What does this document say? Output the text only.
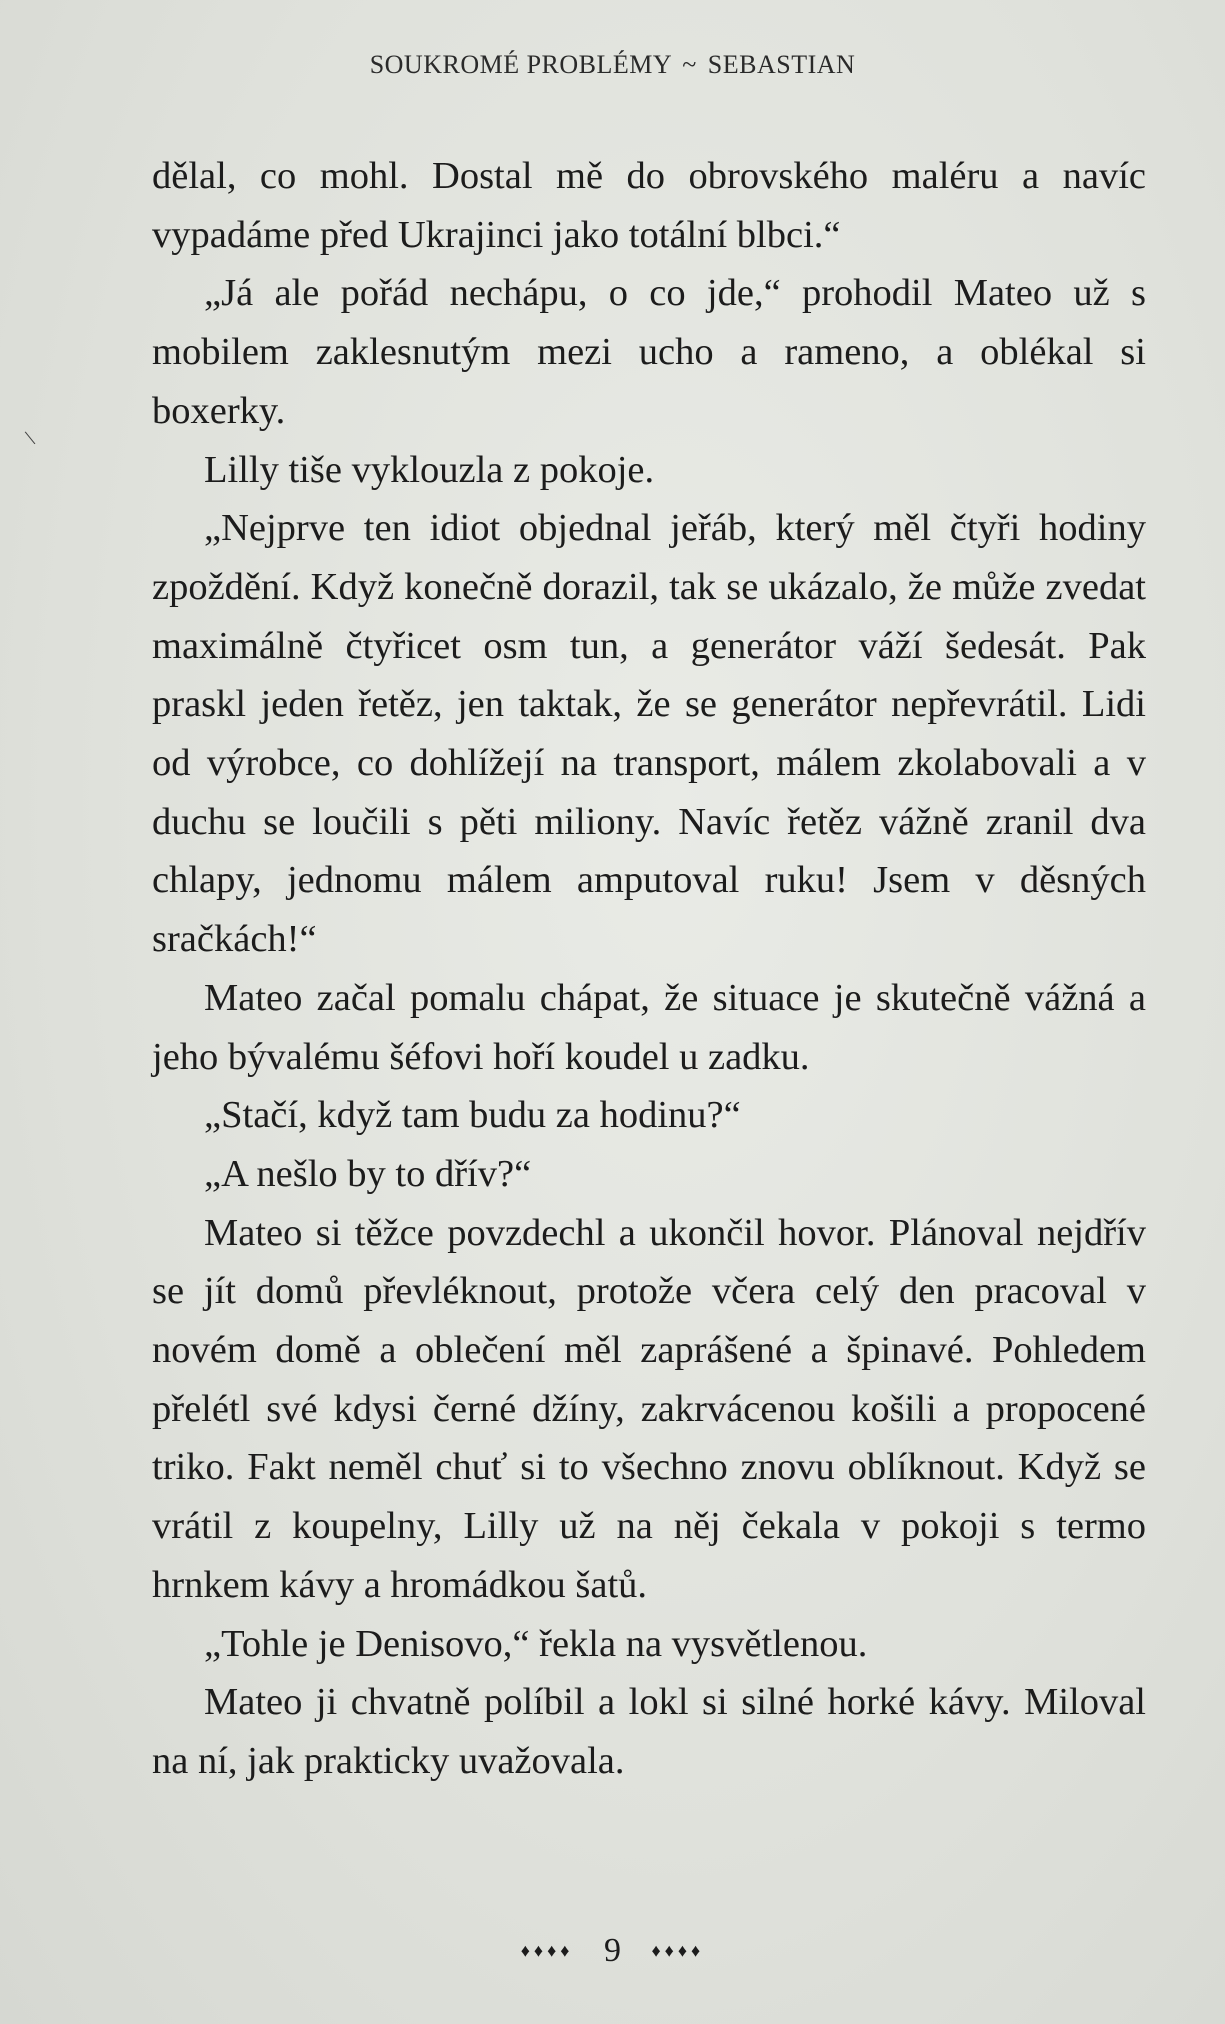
SOUKROMÉ PROBLÉMY ~ SEBASTIAN
\

dělal, co mohl. Dostal mě do obrovského maléru a navíc vypadáme před Ukrajinci jako totální blbci.“

„Já ale pořád nechápu, o co jde,“ prohodil Mateo už s mobilem zaklesnutým mezi ucho a rameno, a oblékal si boxerky.

Lilly tiše vyklouzla z pokoje.

„Nejprve ten idiot objednal jeřáb, který měl čtyři hodiny zpoždění. Když konečně dorazil, tak se ukázalo, že může zvedat maximálně čtyřicet osm tun, a generátor váží šedesát. Pak praskl jeden řetěz, jen taktak, že se generátor nepřevrátil. Lidi od výrobce, co dohlížejí na transport, málem zkolabovali a v duchu se loučili s pěti miliony. Navíc řetěz vážně zranil dva chlapy, jednomu málem amputoval ruku! Jsem v děsných sračkách!“

Mateo začal pomalu chápat, že situace je skutečně vážná a jeho bývalému šéfovi hoří koudel u zadku.

„Stačí, když tam budu za hodinu?“

„A nešlo by to dřív?“

Mateo si těžce povzdechl a ukončil hovor. Plánoval nejdřív se jít domů převléknout, protože včera celý den pracoval v novém domě a oblečení měl zaprášené a špinavé. Pohledem přelétl své kdysi černé džíny, zakrvácenou košili a propocené triko. Fakt neměl chuť si to všechno znovu oblíknout. Když se vrátil z koupelny, Lilly už na něj čekala v pokoji s termo hrnkem kávy a hromádkou šatů.

„Tohle je Denisovo,“ řekla na vysvětlenou.

Mateo ji chvatně políbil a lokl si silné horké kávy. Miloval na ní, jak prakticky uvažovala.

♦♦♦♦ 9 ♦♦♦♦
